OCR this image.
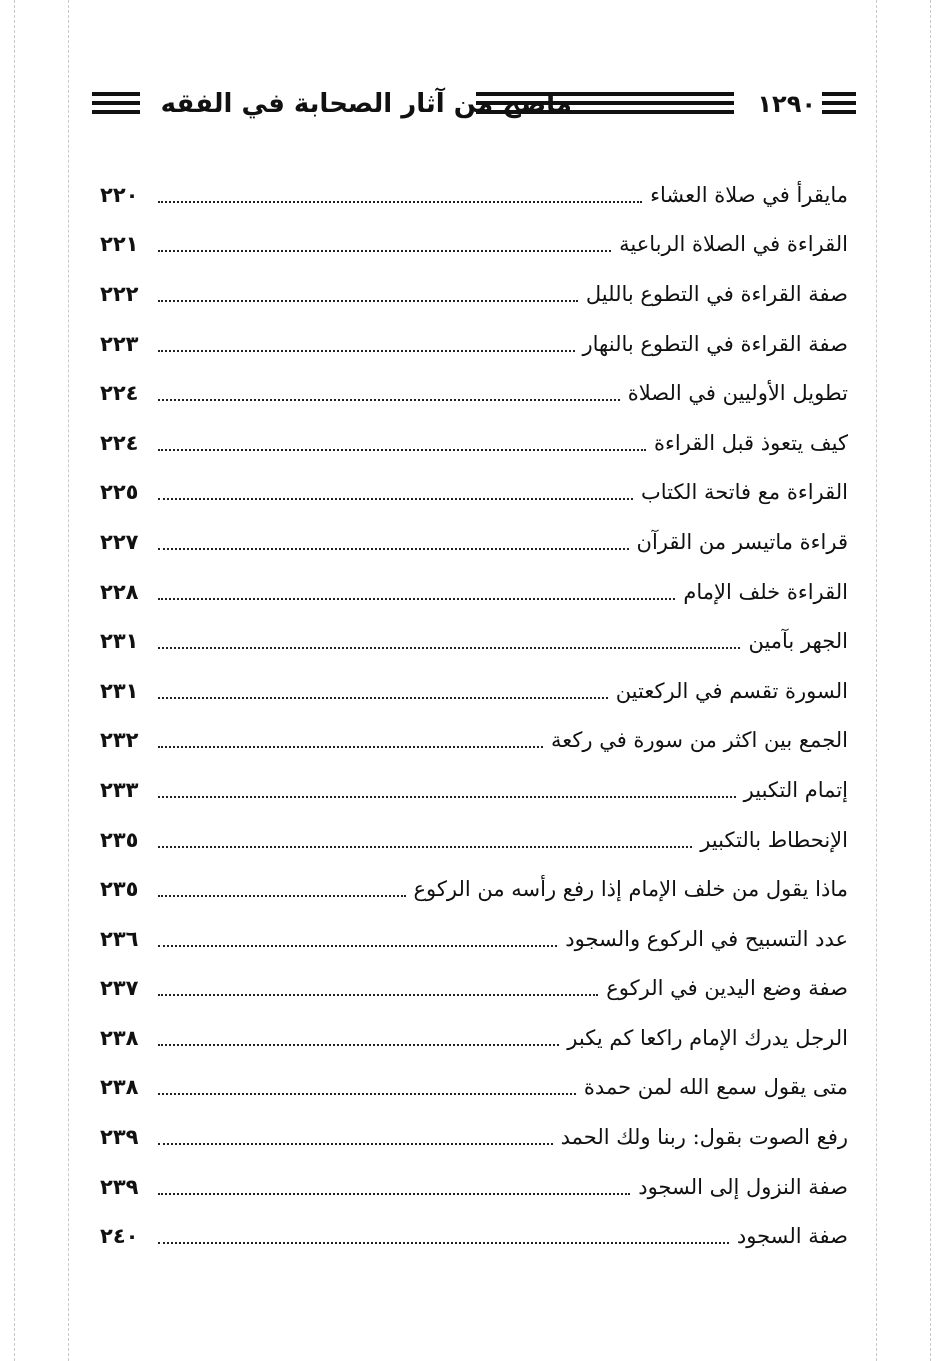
ماصح من آثار الصحابة في الفقه	١٢٩٠
مايقرأ في صلاة العشاء
٢٢٠
القراءة في الصلاة الرباعية
٢٢١
صفة القراءة في التطوع بالليل
٢٢٢
صفة القراءة في التطوع بالنهار
٢٢٣
تطويل الأوليين في الصلاة
٢٢٤
كيف يتعوذ قبل القراءة
٢٢٤
القراءة مع فاتحة الكتاب
٢٢٥
قراءة ماتيسر من القرآن
٢٢٧
القراءة خلف الإمام
٢٢٨
الجهر بآمين
٢٣١
السورة تقسم في الركعتين
٢٣١
الجمع بين اكثر من سورة في ركعة
٢٣٢
إتمام التكبير
٢٣٣
الإنحطاط بالتكبير
٢٣٥
ماذا يقول من خلف الإمام إذا رفع رأسه من الركوع
٢٣٥
عدد التسبيح في الركوع والسجود
٢٣٦
صفة وضع اليدين في الركوع
٢٣٧
الرجل يدرك الإمام راكعا كم يكبر
٢٣٨
متى يقول سمع الله لمن حمدة
٢٣٨
رفع الصوت بقول: ربنا ولك الحمد
٢٣٩
صفة النزول إلى السجود
٢٣٩
صفة السجود
٢٤٠
